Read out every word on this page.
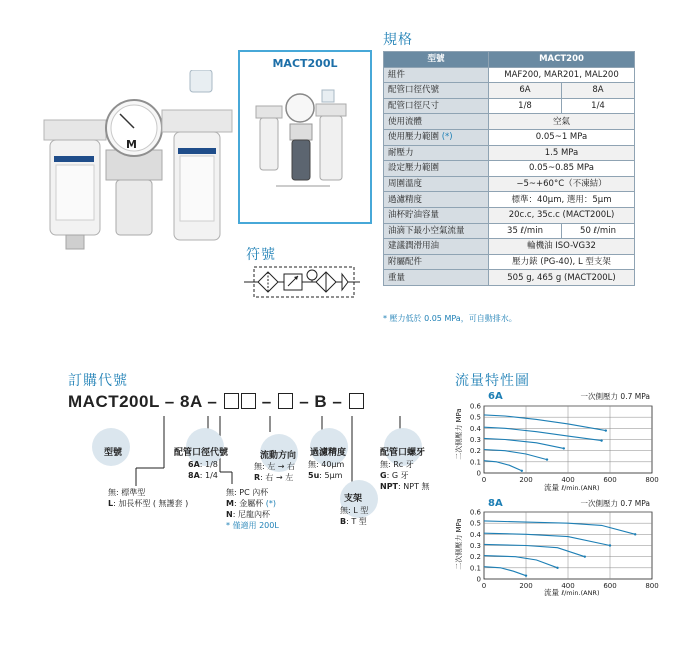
M
MACT200L
符號
規格
型號	MACT200	
組件	MAF200, MAR201, MAL200	
配管口徑代號	6A	8A
配管口徑尺寸	1/8	1/4
使用流體	空氣	
使用壓力範圍 (*)	0.05~1 MPa	
耐壓力	1.5 MPa	
設定壓力範圍	0.05~0.85 MPa	
周圍溫度	−5~+60°C（不凍結）	
過濾精度	標準：40µm, 選用：5µm	
油杯貯油容量	20c.c, 35c.c (MACT200L)	
油滴下最小空氣流量	35 ℓ/min	50 ℓ/min
建議潤滑用油	輪機油 ISO-VG32	
附屬配件	壓力錶 (PG-40), L 型支架	
重量	505 g, 465 g (MACT200L)	
* 壓力低於 0.05 MPa，可自動排水。
訂購代號
MACT200L – 8A –	– – B –
型號	配管口徑代號	流動方向 過濾精度	配管口螺牙
支架
6A: 1/8
8A: 1/4
無: 左 → 右
R: 右 → 左
無: 40µm
5u: 5µm
無: Rc 牙
G: G 牙
NPT: NPT 無
無: L 型
B: T 型
無: 標準型
L: 加長杯型 ( 無護套 )
無: PC 內杯
M: 金屬杯 (*)
N: 尼龍內杯
* 僅適用 200L
流量特性圖
6A	一次側壓力 0.7 MPa
二次側壓力 MPa
0.6
0.5
0.4
0.3
0.2
0.1
0
0	200	400	600	800
流量 ℓ/min.(ANR)
8A	一次側壓力 0.7 MPa
二次側壓力 MPa
0.6
0.5
0.4
0.3
0.2
0.1
0
0	200	400	600	800
流量 ℓ/min.(ANR)
